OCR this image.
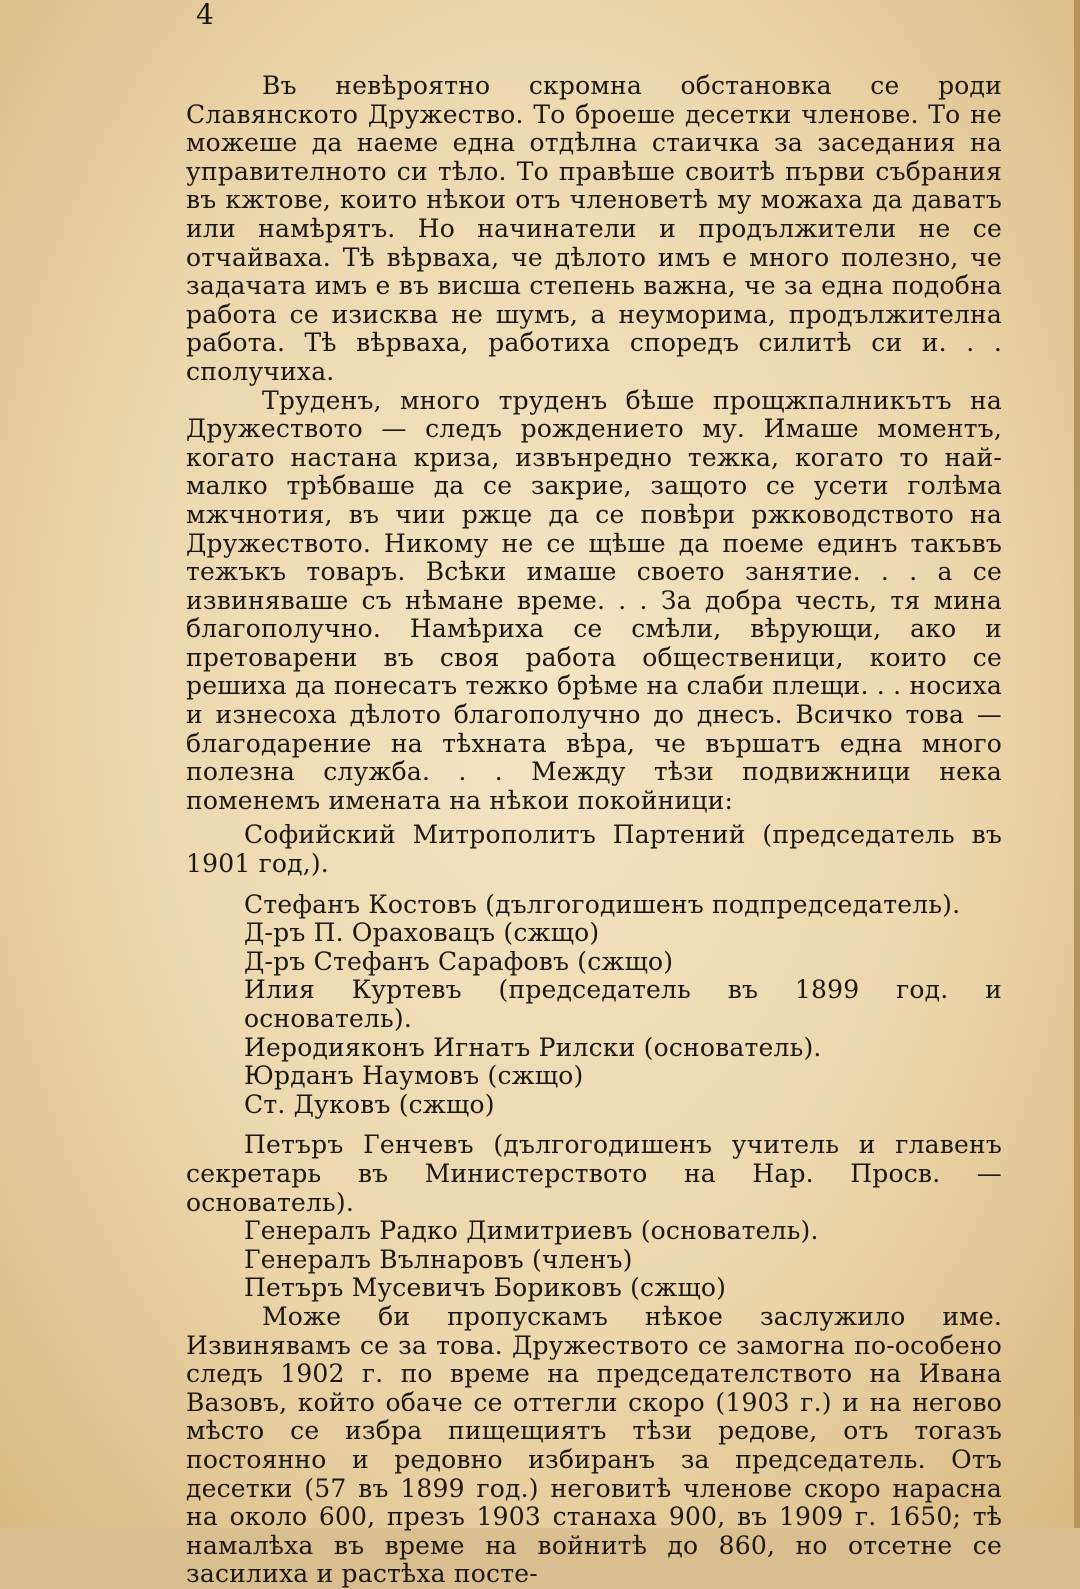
4

Въ невѣроятно скромна обстановка се роди Славянското Дружество. То броеше десетки членове. То не можеше да наеме една отдѣлна стаичка за заседания на управителното си тѣло. То правѣше своитѣ първи събрания въ кжтове, които нѣкои отъ членоветѣ му можаха да даватъ или намѣрятъ. Но начинатели и продължители не се отчайваха. Тѣ вѣрваха, че дѣлото имъ е много полезно, че задачата имъ е въ висша степень важна, че за една подобна работа се изисква не шумъ, а неуморима, продължителна работа. Тѣ вѣрваха, работиха споредъ силитѣ си и. . . сполучиха.

Труденъ, много труденъ бѣше прощжпалникътъ на Дружеството — следъ рождението му. Имаше моментъ, когато настана криза, извънредно тежка, когато то най-малко трѣбваше да се закрие, защото се усети голѣма мжчнотия, въ чии ржце да се повѣри ржководството на Дружеството. Никому не се щѣше да поеме единъ такъвъ тежъкъ товаръ. Всѣки имаше своето занятие. . . а се извиняваше съ нѣмане време. . . За добра честь, тя мина благополучно. Намѣриха се смѣли, вѣрующи, ако и претоварени въ своя работа общественици, които се решиха да понесатъ тежко брѣме на слаби плещи. . . носиха и изнесоха дѣлото благополучно до днесъ. Всичко това — благодарение на тѣхната вѣра, че вършатъ една много полезна служба. . . Между тѣзи подвижници нека поменемъ имената на нѣкои покойници:

Софийский Митрополитъ Партений (председатель въ 1901 год,).
Стефанъ Костовъ (дългогодишенъ подпредседатель).
Д-ръ П. Ораховацъ (сжщо)
Д-ръ Стефанъ Сарафовъ (сжщо)
Илия Куртевъ (председатель въ 1899 год. и основатель).
Иеродияконъ Игнатъ Рилски (основатель).
Юрданъ Наумовъ (сжщо)
Ст. Дуковъ (сжщо)
Петъръ Генчевъ (дългогодишенъ учитель и главенъ секретарь въ Министерството на Нар. Просв. — основатель).
Генералъ Радко Димитриевъ (основатель).
Генералъ Вълнаровъ (членъ)
Петъръ Мусевичъ Бориковъ (сжщо)

Може би пропускамъ нѣкое заслужило име. Извинявамъ се за това. Дружеството се замогна по-особено следъ 1902 г. по време на председателството на Ивана Вазовъ, който обаче се оттегли скоро (1903 г.) и на негово мѣсто се избра пищещиятъ тѣзи редове, отъ тогазъ постоянно и редовно избиранъ за председатель. Отъ десетки (57 въ 1899 год.) неговитѣ членове скоро нарасна на около 600, презъ 1903 станаха 900, въ 1909 г. 1650; тѣ намалѣха въ време на войнитѣ до 860, но отсетне се засилиха и растѣха посте-
